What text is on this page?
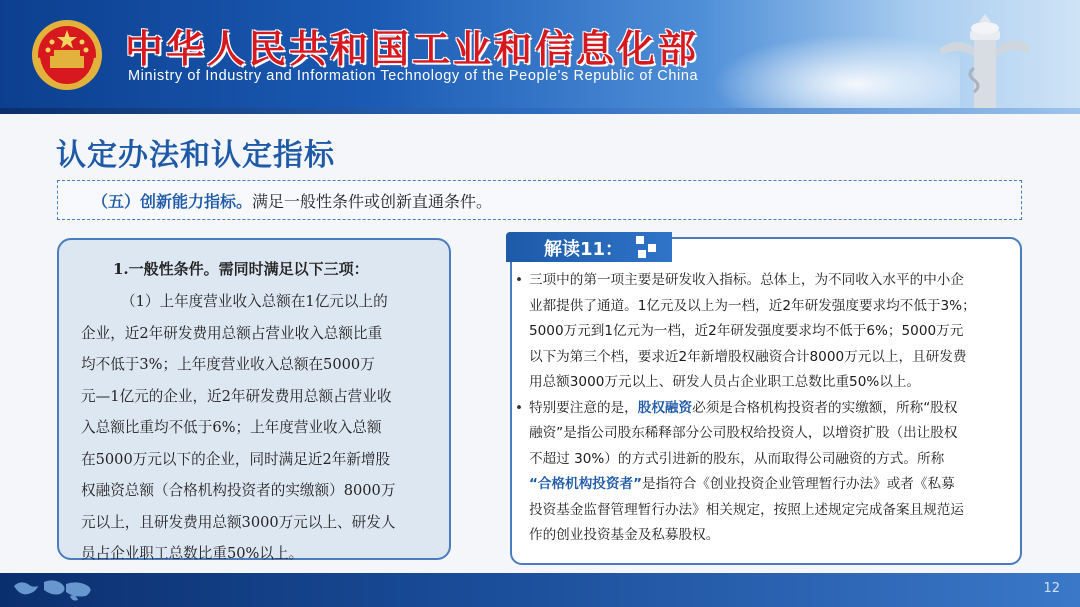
中华人民共和国工业和信息化部
Ministry of Industry and Information Technology of the People's Republic of China
认定办法和认定指标
（五）创新能力指标。满足一般性条件或创新直通条件。
1.一般性条件。需同时满足以下三项：
（1）上年度营业收入总额在1亿元以上的
企业，近2年研发费用总额占营业收入总额比重
均不低于3%；上年度营业收入总额在5000万
元—1亿元的企业，近2年研发费用总额占营业收
入总额比重均不低于6%；上年度营业收入总额
在5000万元以下的企业，同时满足近2年新增股
权融资总额（合格机构投资者的实缴额）8000万
元以上，且研发费用总额3000万元以上、研发人
员占企业职工总数比重50%以上。
解读11：
• 三项中的第一项主要是研发收入指标。总体上，为不同收入水平的中小企
业都提供了通道。1亿元及以上为一档，近2年研发强度要求均不低于3%；
5000万元到1亿元为一档，近2年研发强度要求均不低于6%；5000万元
以下为第三个档，要求近2年新增股权融资合计8000万元以上，且研发费
用总额3000万元以上、研发人员占企业职工总数比重50%以上。
• 特别要注意的是，股权融资必须是合格机构投资者的实缴额，所称“股权
融资”是指公司股东稀释部分公司股权给投资人，以增资扩股（出让股权
不超过 30%）的方式引进新的股东，从而取得公司融资的方式。所称
“合格机构投资者”是指符合《创业投资企业管理暂行办法》或者《私募
投资基金监督管理暂行办法》相关规定，按照上述规定完成备案且规范运
作的创业投资基金及私募股权。
12
